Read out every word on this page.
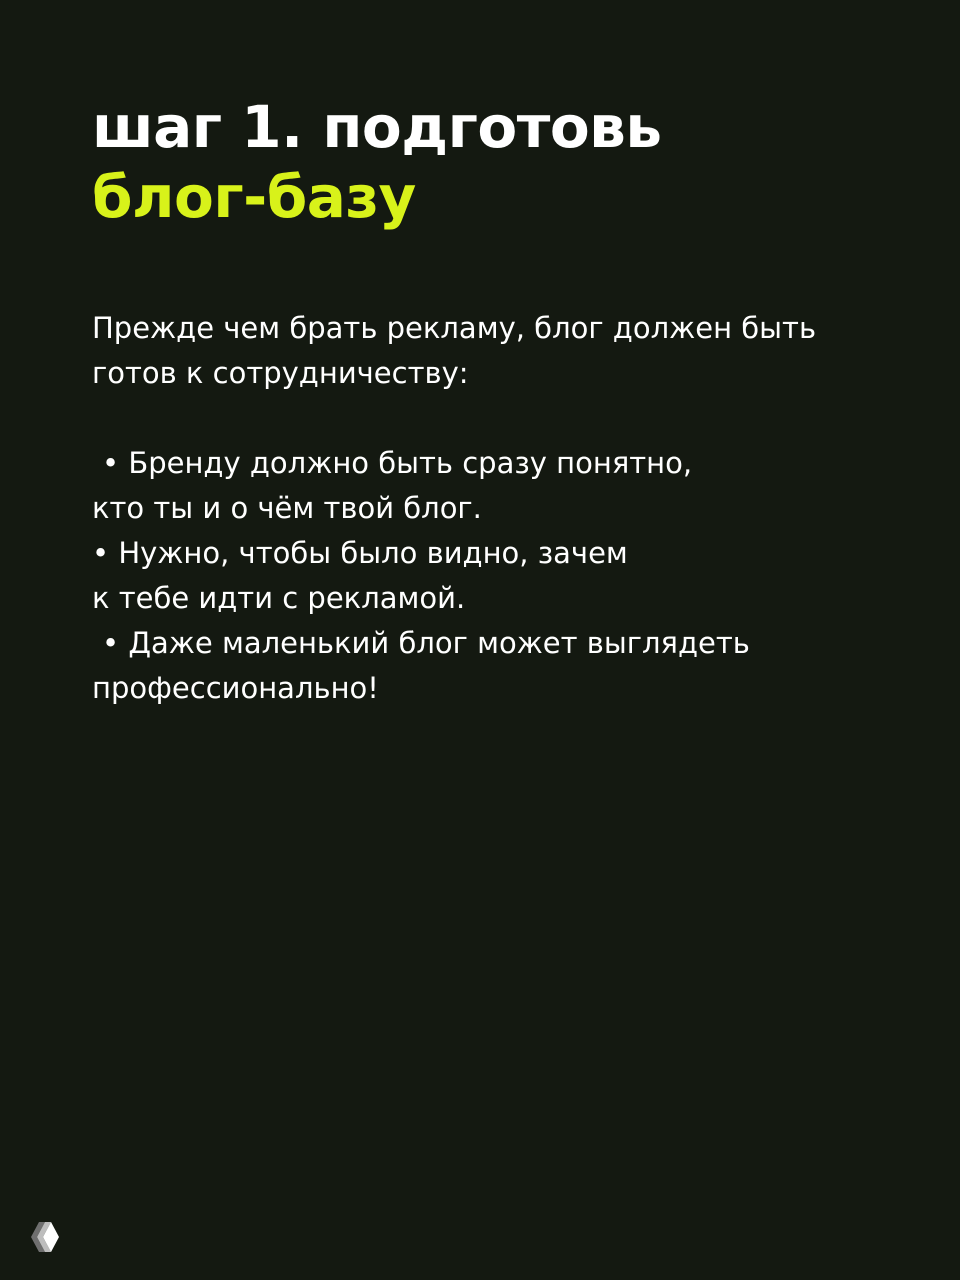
шаг 1. подготовь
блог-базу

Прежде чем брать рекламу, блог должен быть

готов к сотрудничеству:

• Бренду должно быть сразу понятно,

кто ты и о чём твой блог.

• Нужно, чтобы было видно, зачем

к тебе идти с рекламой.

• Даже маленький блог может выглядеть

профессионально!
